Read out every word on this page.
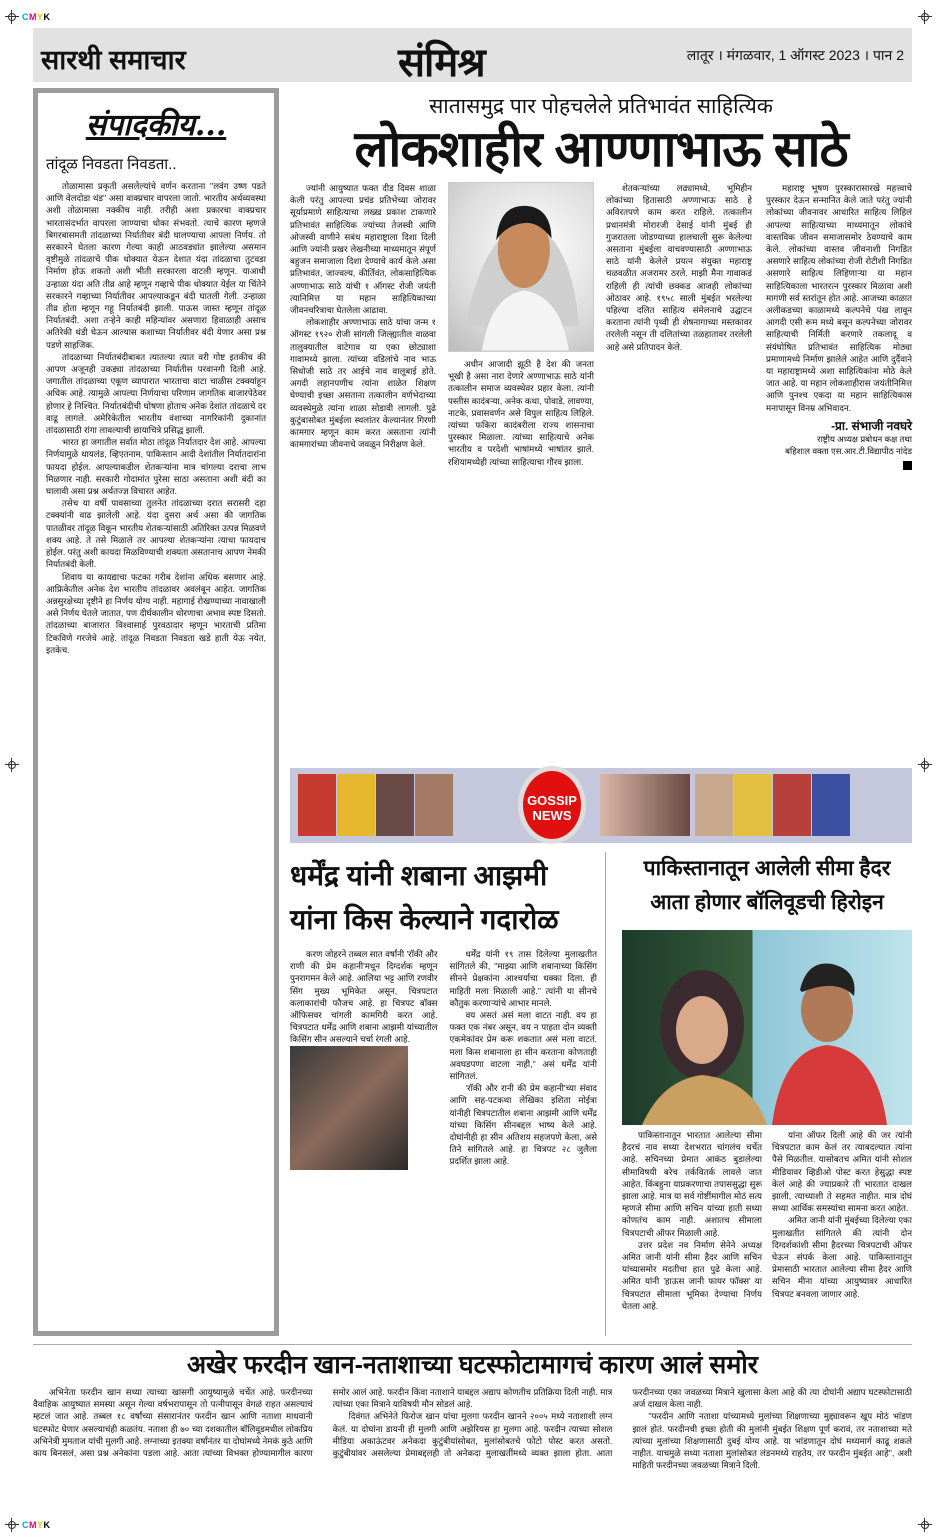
CMYK
CMYK
सारथी समाचार	संमिश्र	लातूर । मंगळवार, 1 ऑगस्ट 2023 । पान 2
संपादकीय...
तांदूळ निवडता निवडता..

तोळामासा प्रकृती असलेल्यांचे वर्णन करताना ''लवंग उष्ण पडते आणि वेलदोडा थंड'' असा वाक्प्रचार वापरला जातो. भारतीय अर्थव्यवस्था अशी तोळामासा नक्कीच नाही. तरीही अशा प्रकारचा वाक्प्रचार भारतासंदर्भात वापरला जाण्याचा धोका संभवतो. त्याचे कारण म्हणजे बिगरबासमती तांदळाच्या निर्यातीवर बंदी घालण्याचा आपला निर्णय. तो सरकारने घेतला कारण गेल्या काही आठवड्यांत झालेल्या असमान वृष्टीमुळे तांदळाचे पीक धोक्यात येऊन देशात यंदा तांदळाचा तुटवडा निर्माण होऊ शकतो अशी भीती सरकारला वाटली म्हणून. याआधी उन्हाळा यंदा अति तीव्र आहे म्हणून गव्हाचे पीक धोक्यात येईल या चिंतेने सरकारने गव्हाच्या निर्यातीवर आपल्याकडून बंदी घातली गेली. उन्हाळा तीव्र होता म्हणून गहू निर्यातबंदी झाली. पाऊस जास्त म्हणून तांदूळ निर्यातबंदी. अशा तऱ्हेने काही महिन्यांवर असणारा हिवाळाही असाच अतिरेकी थंडी घेऊन आल्यास कशाच्या निर्यातीवर बंदी येणार असा प्रश्न पडणे साहजिक.

तांदळाच्या निर्यातबंदीबाबत त्यातल्या त्यात वरी गोष्ट इतकीच की आपण अजूनही उकड्या तांदळाच्या निर्यातीस परवानगी दिली आहे. जगातील तांदळाच्या एकूण व्यापारात भारताचा वाटा चाळीस टक्क्यांहून अधिक आहे. त्यामुळे आपल्या निर्णयाचा परिणाम जागतिक बाजारपेठेवर होणार हे निश्चित. निर्यातबंदीची घोषणा होताच अनेक देशांत तांदळाचे दर वाढू लागले. अमेरिकेतील भारतीय वंशाच्या नागरिकांनी दुकानांत तांदळासाठी रांगा लावल्याची छायाचित्रे प्रसिद्ध झाली.

भारत हा जगातील सर्वात मोठा तांदूळ निर्यातदार देश आहे. आपल्या निर्णयामुळे थायलंड, व्हिएतनाम, पाकिस्तान आदी देशांतील निर्यातदारांना फायदा होईल. आपल्याकडील शेतकऱ्यांना मात्र चांगल्या दराचा लाभ मिळणार नाही. सरकारी गोदामांत पुरेसा साठा असताना अशी बंदी का घालावी असा प्रश्न अर्थतज्ज्ञ विचारत आहेत.

तसेच या वर्षी पावसाच्या तुलनेत तांदळाच्या दरात सरासरी दहा टक्क्यांनी वाढ झालेली आहे. यंदा दुसरा अर्थ असा की जागतिक पातळीवर तांदूळ विकून भारतीय शेतकऱ्यांसाठी अतिरिक्त उत्पन्न मिळवणे शक्य आहे. ते तसे मिळाले तर आपल्या शेतकऱ्यांना त्याचा फायदाच होईल. परंतु अशी कायदा मिळविण्याची शक्यता असतानाच आपण नेमकी निर्यातबंदी केली.

शिवाय या कायद्याचा फटका गरीब देशांना अधिक बसणार आहे. आफ्रिकेतील अनेक देश भारतीय तांदळावर अवलंबून आहेत. जागतिक अन्नसुरक्षेच्या दृष्टीने हा निर्णय योग्य नाही. महागाई रोखण्याच्या नावाखाली असे निर्णय घेतले जातात, पण दीर्घकालीन धोरणाचा अभाव स्पष्ट दिसतो. तांदळाच्या बाजारात विश्वासार्ह पुरवठादार म्हणून भारताची प्रतिमा टिकविणे गरजेचे आहे. तांदूळ निवडता निवडता खडे हाती येऊ नयेत, इतकेच.

सातासमुद्र पार पोहचलेले प्रतिभावंत साहित्यिक
लोकशाहीर आण्णाभाऊ साठे

ज्यांनी आयुष्यात फक्त दीड दिवस शाळा केली परंतु आपल्या प्रचंड प्रतिभेच्या जोरावर सूर्याप्रमाणे साहित्याचा लख्ख प्रकाश टाकणारे प्रतिभावंत साहित्यिक ज्यांच्या तेजस्वी आणि ओजस्वी वाणीने सबंध महाराष्ट्राला दिशा दिली आणि ज्यांनी प्रखर लेखनीच्या माध्यमातून संपूर्ण बहुजन समाजाला दिशा देण्याचे कार्य केले असा प्रतिभावंत, जाज्वल्य, कीर्तिवंत, लोकसाहित्यिक अण्णाभाऊ साठे यांची १ ऑगस्ट रोजी जयंती त्यानिमित्त या महान साहित्यिकाच्या जीवनचरित्राचा घेतलेला आढावा.

लोकशाहीर अण्णाभाऊ साठे यांचा जन्म १ ऑगस्ट १९२० रोजी सांगली जिल्ह्यातील वाळवा तालुक्यातील वाटेगाव या एका छोट्याशा गावामध्ये झाला. त्यांच्या वडिलांचे नाव भाऊ सिधोजी साठे तर आईचे नाव वालूबाई होते. अगदी लहानपणीच त्यांना शाळेत शिक्षण घेण्याची इच्छा असताना तत्कालीन वर्णभेदाच्या व्यवस्थेमुळे त्यांना शाळा सोडावी लागली. पुढे कुटुंबासोबत मुंबईला स्थलांतर केल्यानंतर गिरणी कामगार म्हणून काम करत असताना त्यांनी कामगारांच्या जीवनाचे जवळून निरीक्षण केले.

अधीन आजादी झूठी है देश की जनता भूखी है असा नारा देणारे अण्णाभाऊ साठे यांनी तत्कालीन समाज व्यवस्थेवर प्रहार केला. त्यांनी पस्तीस कादंबऱ्या, अनेक कथा, पोवाडे, लावण्या, नाटके, प्रवासवर्णन असे विपुल साहित्य लिहिले. त्यांच्या फकिरा कादंबरीला राज्य शासनाचा पुरस्कार मिळाला. त्यांच्या साहित्याचे अनेक भारतीय व परदेशी भाषांमध्ये भाषांतर झाले. रशियामध्येही त्यांच्या साहित्याचा गौरव झाला.

शेतकऱ्यांच्या लढ्यामध्ये, भूमिहीन लोकांच्या हितासाठी अण्णाभाऊ साठे हे अविरतपणे काम करत राहिले. तत्कालीन प्रधानमंत्री मोरारजी देसाई यांनी मुंबई ही गुजरातला जोडण्याच्या हालचाली सुरू केलेल्या असताना मुंबईला वाचवण्यासाठी अण्णाभाऊ साठे यांनी केलेले प्रयत्न संयुक्त महाराष्ट्र चळवळीत अजरामर ठरले. माझी मैना गावाकडं राहिली ही त्यांची छक्कड आजही लोकांच्या ओठावर आहे. १९५८ साली मुंबईत भरलेल्या पहिल्या दलित साहित्य संमेलनाचे उद्घाटन करताना त्यांनी पृथ्वी ही शेषनागाच्या मस्तकावर तरलेली नसून ती दलितांच्या तळहातावर तरलेली आहे असे प्रतिपादन केले.

महाराष्ट्र भूषण पुरस्कारासारखे महत्त्वाचे पुरस्कार देऊन सन्मानित केले जाते परंतु ज्यांनी लोकांच्या जीवनावर आधारित साहित्य लिहिलं आपल्या साहित्याच्या माध्यमातून लोकांचे वास्तविक जीवन समाजासमोर ठेवण्याचे काम केले. लोकांच्या वास्तव जीवनाशी निगडित असणारे साहित्य लोकांच्या रोजी रोटीशी निगडित असणारे साहित्य लिहिणाऱ्या या महान साहित्यिकाला भारतरत्न पुरस्कार मिळावा अशी मागणी सर्व स्तरांतून होत आहे. आजच्या काळात अलीकडच्या काळामध्ये कल्पनेचे पंख लावून आगदी एसी रूम मध्ये बसून कल्पनेच्या जोरावर साहित्याची निर्मिती करणारे तकलादू व संयंघोषित प्रतिभावंत साहित्यिक मोठ्या प्रमाणामध्ये निर्माण झालेले आहेत आणि दुर्दैवाने या महाराष्ट्रामध्ये अशा साहित्यिकांना मोठे केले जात आहे. या महान लोकशाहीरास जयंतीनिमित्त आणि पुनश्च एकदा या महान साहित्यिकास मनापासून विनम्र अभिवादन.

-प्रा. संभाजी नवघरे
राष्ट्रीय अध्यक्ष प्रबोधन कक्ष तथा
बहिशःल वक्ता एस.आर.टी.विद्यापीठ नांदेड

GOSSIP
NEWS
धर्मेंद्र यांनी शबाना आझमी यांना किस केल्याने गदारोळ

करण जोहरने तब्बल सात वर्षांनी 'रॉकी और राणी की प्रेम कहानी'मधून दिग्दर्शक म्हणून पुनरागमन केले आहे. आलिया भट्ट आणि रणवीर सिंग मुख्य भूमिकेत असून, चित्रपटात कलाकारांची फौजच आहे. हा चित्रपट बॉक्स ऑफिसवर चांगली कामगिरी करत आहे. चित्रपटात धर्मेंद्र आणि शबाना आझमी यांच्यातील किसिंग सीन असल्याने चर्चा रंगली आहे.

धर्मेंद्र यांनी १९ तास दिलेल्या मुलाखतीत सांगितले की, ''माझ्या आणि शबानाच्या किसिंग सीनने प्रेक्षकांना आश्चर्याचा धक्का दिला. ही माहिती मला मिळाली आहे.'' त्यांनी या सीनचे कौतुक करणाऱ्यांचे आभार मानले.

वय असतं असं मला वाटत नाही. वय हा फक्त एक नंबर असून, वय न पाहता दोन व्यक्ती एकमेकांवर प्रेम करू शकतात असं मला वाटतं. मला किस शबानाला हा सीन करताना कोणताही अवघडपणा वाटला नाही,'' असं धर्मेंद्र यांनी सांगितलं.

'रॉकी और रानी की प्रेम कहानी'च्या संवाद आणि सह-पटकथा लेखिका इशिता मोईत्रा यांनीही चित्रपटातील शबाना आझमी आणि धर्मेंद्र यांच्या किसिंग सीनबद्दल भाष्य केले आहे. दोघांनीही हा सीन अतिशय सहजपणे केला, असे तिने सांगितले आहे. हा चित्रपट २८ जुलैला प्रदर्शित झाला आहे.

पाकिस्तानातून आलेली सीमा हैदर आता होणार बॉलिवूडची हिरोइन

पाकिस्तानातून भारतात आलेल्या सीमा हैदरचं नाव सध्या देशभरात चांगलंच चर्चेत आहे. सचिनच्या प्रेमात आकंठ बुडालेल्या सीमाविषयी बरेच तर्कवितर्क लावले जात आहेत. किंबहुना याप्रकरणाचा तपाससुद्धा सुरू झाला आहे. मात्र या सर्व गोष्टींमागील मोठं सत्य म्हणजे सीमा आणि सचिन यांच्या हाती सध्या कोणतंच काम नाही. अशातच सीमाला चित्रपटाची ऑफर मिळाली आहे.

उत्तर प्रदेश नव निर्माण सेनेने अध्यक्ष अमित जानी यांनी सीमा हैदर आणि सचिन यांच्यासमोर मदतीचा हात पुढे केला आहे. अमित यांनी 'हाऊस जानी फायर फॉक्स' या चित्रपटात सीमाला भूमिका देण्याचा निर्णय घेतला आहे.

यांना ऑफर दिली आहे की जर त्यांनी चित्रपटात काम केलं तर त्याबदल्यात त्यांना पैसे मिळतील. यासोबतच अमित यांनी सोशल मीडियावर व्हिडीओ पोस्ट करत हेसुद्धा स्पष्ट केलं आहे की ज्याप्रकारे ती भारतात दाखल झाली, त्याच्याशी ते सहमत नाहीत. मात्र दोघं सध्या आर्थिक समस्यांचा सामना करत आहेत.

अमित जानी यांनी मुंबईच्या दिलेल्या एका मुलाखतीत सांगितले की त्यांनी दोन दिग्दर्शकांशी सीमा हैदरच्या चित्रपटाची ऑफर घेऊन संपर्क केला आहे. पाकिस्तानातून प्रेमासाठी भारतात आलेल्या सीमा हैदर आणि सचिन मीना यांच्या आयुष्यावर आधारित चित्रपट बनवला जाणार आहे.

अखेर फरदीन खान-नताशाच्या घटस्फोटामागचं कारण आलं समोर

अभिनेता फरदीन खान सध्या त्याच्या खासगी आयुष्यामुळे चर्चेत आहे. फरदीनच्या वैवाहिक आयुष्यात समस्या असून गेल्या वर्षभरापासून तो पत्नीपासून वेगळं राहत असल्याचं म्हटलं जात आहे. तब्बल १८ वर्षांच्या संसारानंतर फरदीन खान आणि नताशा माधवानी घटस्फोट घेणार असल्याचंही कळतंय. नताशा ही ७० च्या दशकातील बॉलिवूडमधील लोकप्रिय अभिनेत्री मुमताज यांची मुलगी आहे. लग्नाच्या इतक्या वर्षांनंतर या दोघांमध्ये नेमकं कुठे आणि काय बिनसलं, असा प्रश्न अनेकांना पडला आहे. आता त्यांच्या विभक्त होण्यामागील कारण समोर आलं आहे. फरदीन किंवा नताशाने याबद्दल अद्याप कोणतीच प्रतिक्रिया दिली नाही. मात्र त्यांच्या एका मित्राने याविषयी मौन सोडलं आहे.

दिवंगत अभिनेते फिरोज खान यांचा मुलगा फरदीन खानने २००५ मध्ये नताशाशी लग्न केलं. या दोघांना डायनी ही मुलगी आणि अझेरियस हा मुलगा आहे. फरदीन त्याच्या सोशल मीडिया अकाऊंटवर अनेकदा कुटुंबीयांसोबत, मुलांसोबतचे फोटो पोस्ट करत असतो. कुटुंबीयांवर असलेल्या प्रेमाबद्दलही तो अनेकदा मुलाखतींमध्ये व्यक्त झाला होता. आता फरदीनच्या एका जवळच्या मित्राने खुलासा केला आहे की त्या दोघांनी अद्याप घटस्फोटासाठी अर्ज दाखल केला नाही.

''फरदीन आणि नताशा यांच्यामध्ये मुलांच्या शिक्षणाच्या मुद्द्यावरून खूप मोठं भांडण झालं होतं. फरदीनची इच्छा होती की मुलांनी मुंबईत शिक्षण पूर्ण करावं, तर नताशाच्या मते त्यांच्या मुलांच्या शिक्षणासाठी दुबई योग्य आहे. या भांडणातून दोघं मध्यमार्ग काढू शकले नाहीत. याचमुळे सध्या नताशा मुलांसोबत लंडनमध्ये राहतेय, तर फरदीन मुंबईत आहे'', अशी माहिती फरदीनच्या जवळच्या मित्राने दिली.
